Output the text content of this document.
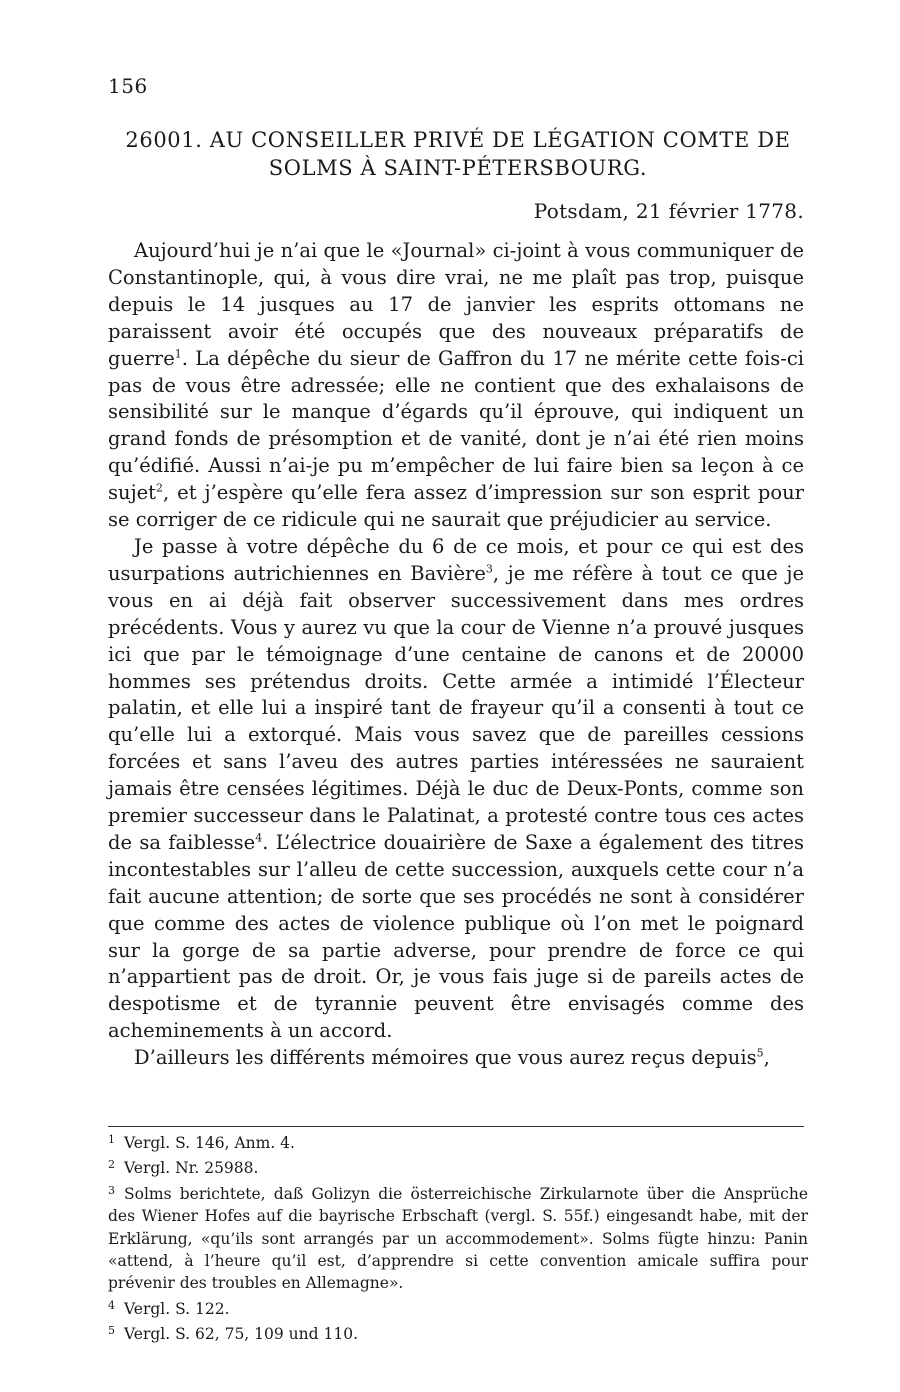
156
26001. AU CONSEILLER PRIVÉ DE LÉGATION COMTE DE
SOLMS À SAINT-PÉTERSBOURG.
Potsdam, 21 février 1778.

Aujourd’hui je n’ai que le «Journal» ci-joint à vous communiquer de Constantinople, qui, à vous dire vrai, ne me plaît pas trop, puisque depuis le 14 jusques au 17 de janvier les esprits ottomans ne paraissent avoir été occupés que des nouveaux préparatifs de guerre$^1$. La dépêche du sieur de Gaffron du 17 ne mérite cette fois-ci pas de vous être adressée; elle ne contient que des exhalaisons de sensibilité sur le manque d’égards qu’il éprouve, qui indiquent un grand fonds de présomption et de vanité, dont je n’ai été rien moins qu’édifié. Aussi n’ai-je pu m’empêcher de lui faire bien sa leçon à ce sujet$^2$, et j’espère qu’elle fera assez d’impression sur son esprit pour se corriger de ce ridicule qui ne saurait que préjudicier au service.

Je passe à votre dépêche du 6 de ce mois, et pour ce qui est des usurpations autrichiennes en Bavière$^3$, je me réfère à tout ce que je vous en ai déjà fait observer successivement dans mes ordres précédents. Vous y aurez vu que la cour de Vienne n’a prouvé jusques ici que par le témoignage d’une centaine de canons et de 20000 hommes ses prétendus droits. Cette armée a intimidé l’Électeur palatin, et elle lui a inspiré tant de frayeur qu’il a consenti à tout ce qu’elle lui a extorqué. Mais vous savez que de pareilles cessions forcées et sans l’aveu des autres parties intéressées ne sauraient jamais être censées légitimes. Déjà le duc de Deux-Ponts, comme son premier successeur dans le Palatinat, a protesté contre tous ces actes de sa faiblesse$^4$. L’électrice douairière de Saxe a également des titres incontestables sur l’alleu de cette succession, auxquels cette cour n’a fait aucune attention; de sorte que ses procédés ne sont à considérer que comme des actes de violence publique où l’on met le poignard sur la gorge de sa partie adverse, pour prendre de force ce qui n’appartient pas de droit. Or, je vous fais juge si de pareils actes de despotisme et de tyrannie peuvent être envisagés comme des acheminements à un accord.

D’ailleurs les différents mémoires que vous aurez reçus depuis$^5$,

1 Vergl. S. 146, Anm. 4.
2 Vergl. Nr. 25988.
3 Solms berichtete, daß Golizyn die österreichische Zirkularnote über die Ansprüche des Wiener Hofes auf die bayrische Erbschaft (vergl. S. 55f.) eingesandt habe, mit der Erklärung, «qu’ils sont arrangés par un accommodement». Solms fügte hinzu: Panin «attend, à l’heure qu’il est, d’apprendre si cette convention amicale suffira pour prévenir des troubles en Allemagne».
4 Vergl. S. 122.
5 Vergl. S. 62, 75, 109 und 110.
